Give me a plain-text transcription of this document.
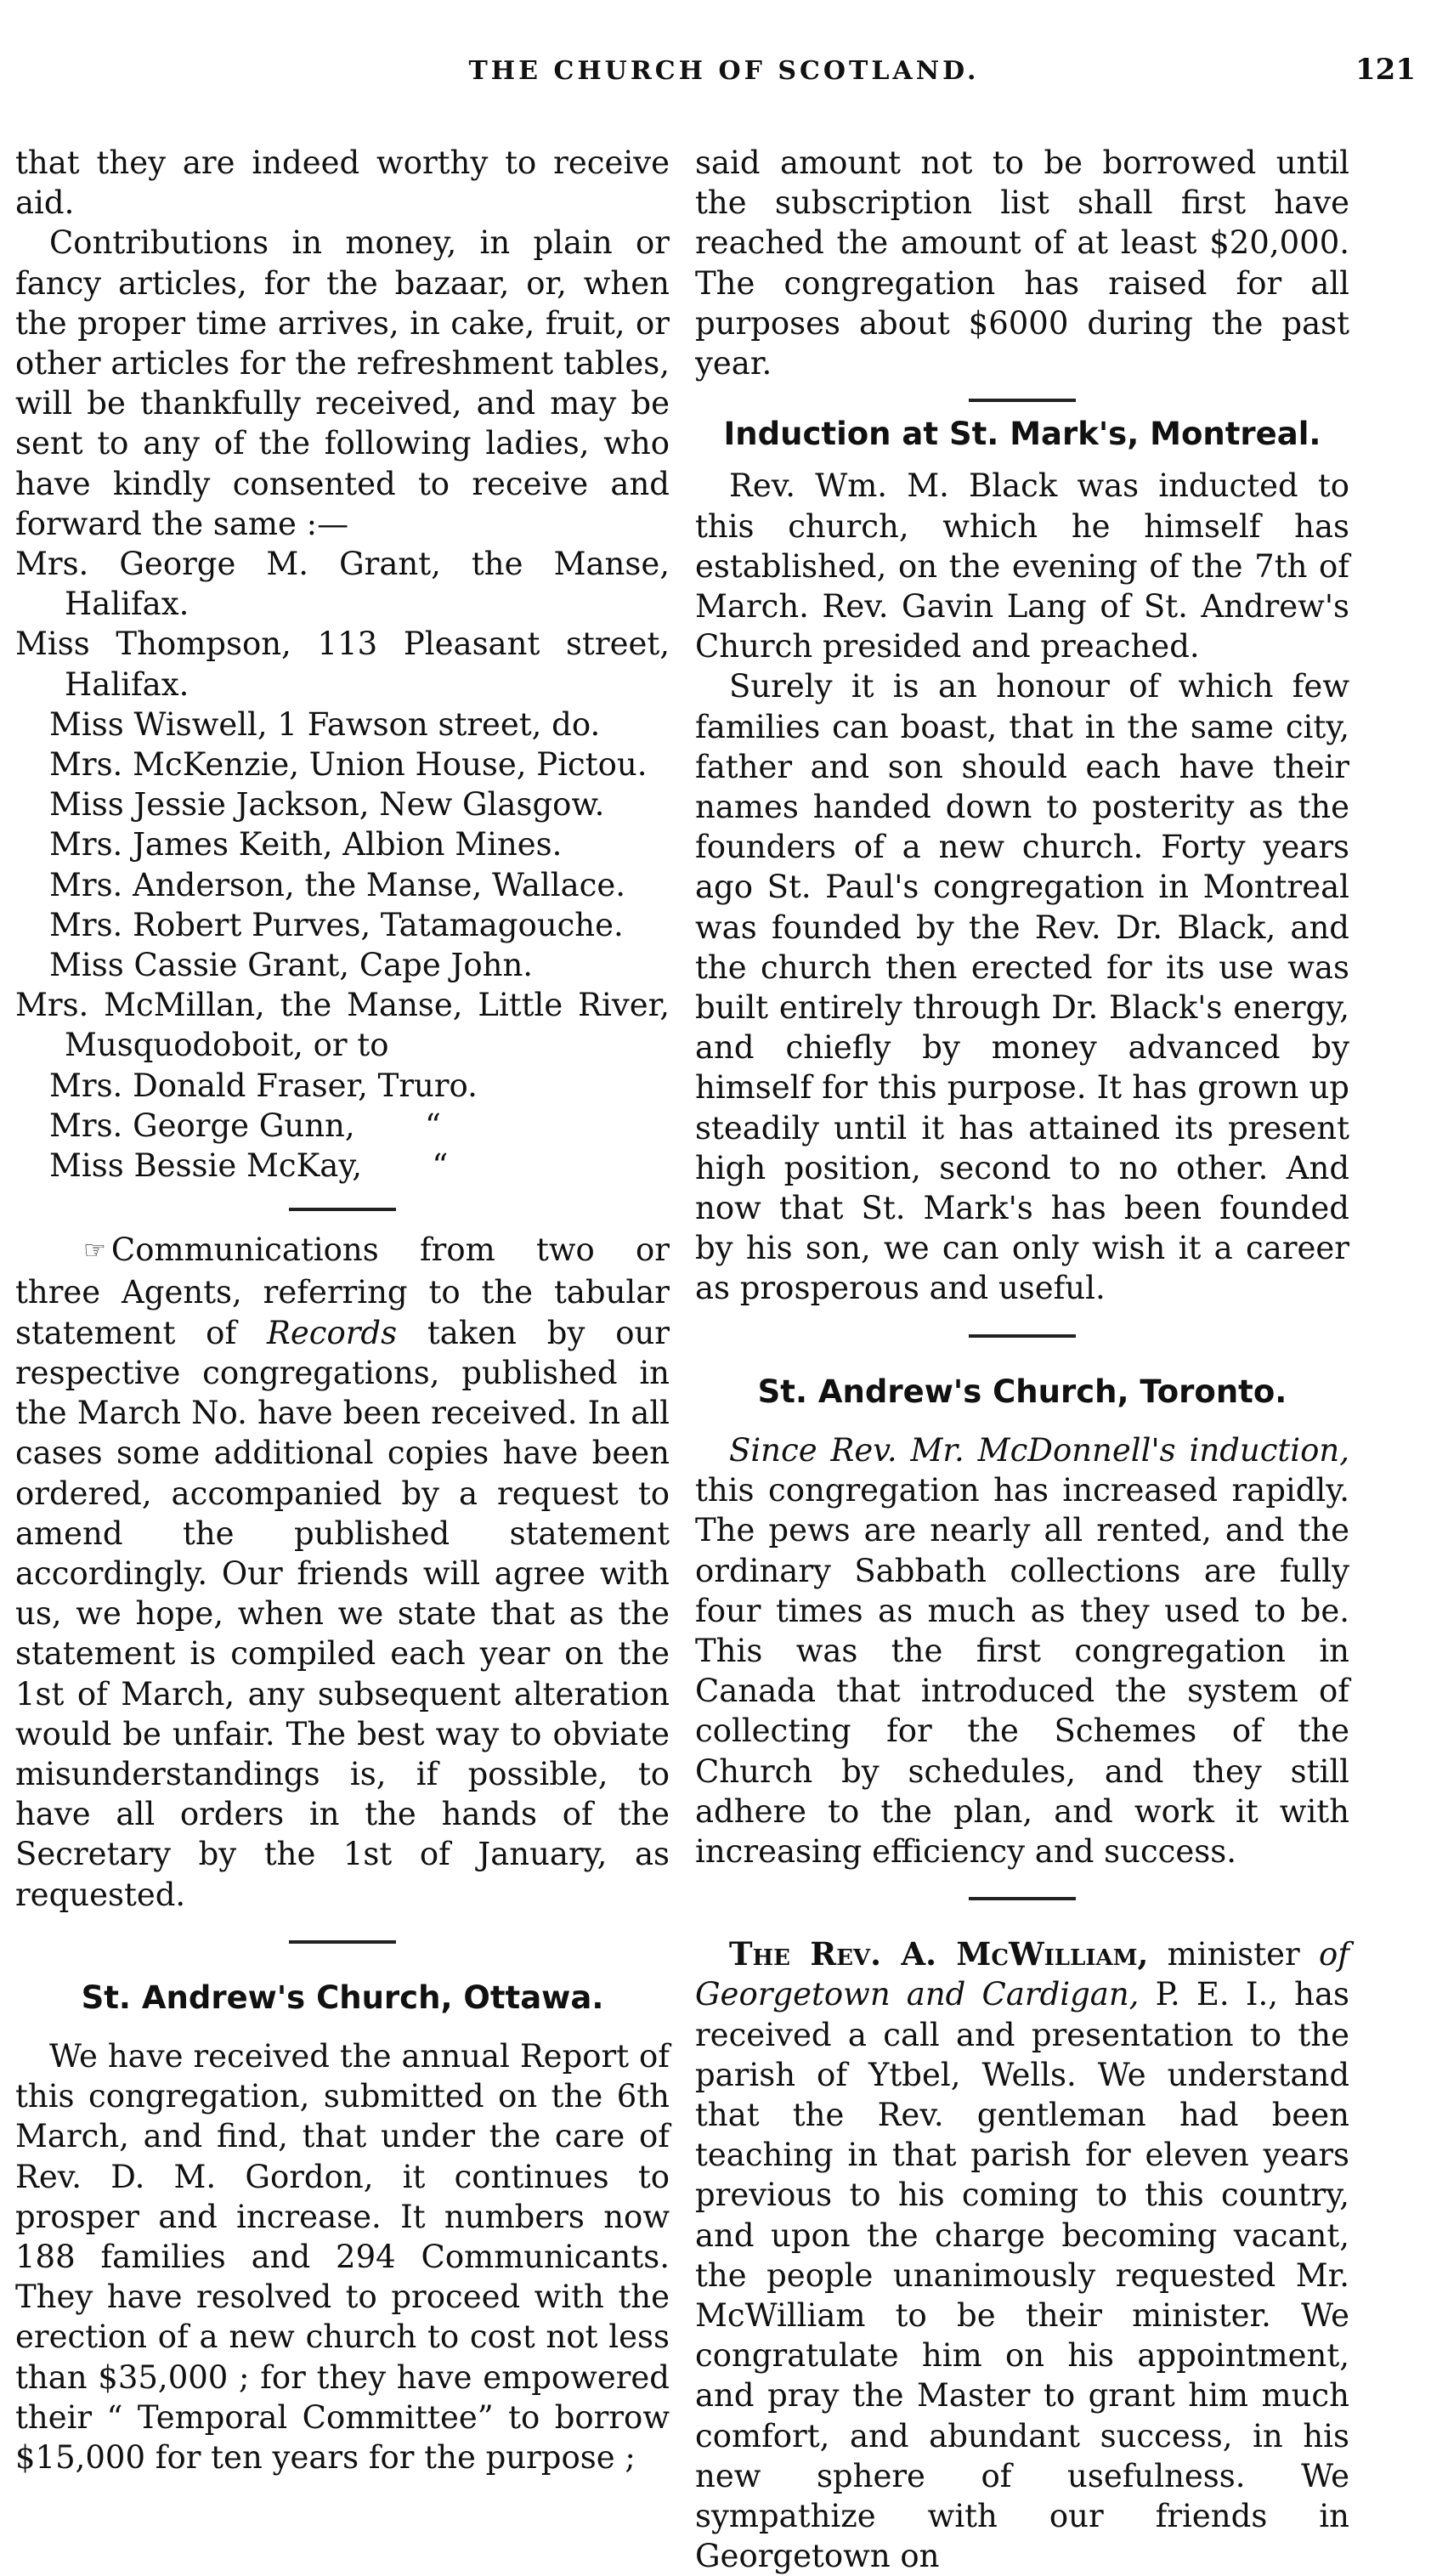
THE CHURCH OF SCOTLAND.	121

that they are indeed worthy to receive aid.

Contributions in money, in plain or fancy articles, for the bazaar, or, when the proper time arrives, in cake, fruit, or other articles for the refreshment tables, will be thankfully received, and may be sent to any of the following ladies, who have kindly consented to receive and forward the same :—

Mrs. George M. Grant, the Manse, Halifax.

Miss Thompson, 113 Pleasant street, Halifax.

Miss Wiswell, 1 Fawson street, do.

Mrs. McKenzie, Union House, Pictou.

Miss Jessie Jackson, New Glasgow.

Mrs. James Keith, Albion Mines.

Mrs. Anderson, the Manse, Wallace.

Mrs. Robert Purves, Tatamagouche.

Miss Cassie Grant, Cape John.

Mrs. McMillan, the Manse, Little River, Musquodoboit, or to

Mrs. Donald Fraser, Truro.

Mrs. George Gunn,       “

Miss Bessie McKay,       “

☞ Communications from two or three Agents, referring to the tabular statement of Records taken by our respective congregations, published in the March No. have been received. In all cases some additional copies have been ordered, accompanied by a request to amend the published statement accordingly. Our friends will agree with us, we hope, when we state that as the statement is compiled each year on the 1st of March, any subsequent alteration would be unfair. The best way to obviate misunderstandings is, if possible, to have all orders in the hands of the Secretary by the 1st of January, as requested.

St. Andrew's Church, Ottawa.

We have received the annual Report of this congregation, submitted on the 6th March, and find, that under the care of Rev. D. M. Gordon, it continues to prosper and increase. It numbers now 188 families and 294 Communicants. They have resolved to proceed with the erection of a new church to cost not less than $35,000 ; for they have empowered their “ Temporal Committee” to borrow $15,000 for ten years for the purpose ;

said amount not to be borrowed until the subscription list shall first have reached the amount of at least $20,000. The congregation has raised for all purposes about $6000 during the past year.

Induction at St. Mark's, Montreal.

Rev. Wm. M. Black was inducted to this church, which he himself has established, on the evening of the 7th of March. Rev. Gavin Lang of St. Andrew's Church presided and preached.

Surely it is an honour of which few families can boast, that in the same city, father and son should each have their names handed down to posterity as the founders of a new church. Forty years ago St. Paul's congregation in Montreal was founded by the Rev. Dr. Black, and the church then erected for its use was built entirely through Dr. Black's energy, and chiefly by money advanced by himself for this purpose. It has grown up steadily until it has attained its present high position, second to no other. And now that St. Mark's has been founded by his son, we can only wish it a career as prosperous and useful.

St. Andrew's Church, Toronto.

Since Rev. Mr. McDonnell's induction, this congregation has increased rapidly. The pews are nearly all rented, and the ordinary Sabbath collections are fully four times as much as they used to be. This was the first congregation in Canada that introduced the system of collecting for the Schemes of the Church by schedules, and they still adhere to the plan, and work it with increasing efficiency and success.

The Rev. A. McWilliam, minister of Georgetown and Cardigan, P. E. I., has received a call and presentation to the parish of Ytbel, Wells. We understand that the Rev. gentleman had been teaching in that parish for eleven years previous to his coming to this country, and upon the charge becoming vacant, the people unanimously requested Mr. McWilliam to be their minister. We congratulate him on his appointment, and pray the Master to grant him much comfort, and abundant success, in his new sphere of usefulness. We sympathize with our friends in Georgetown on
